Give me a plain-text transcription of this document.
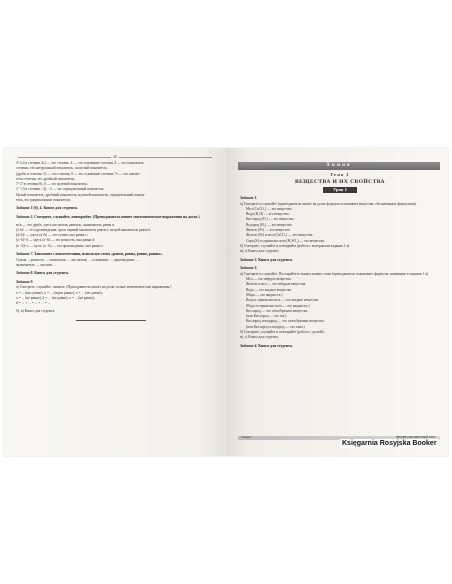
26

4² («4 в степени 4») — это степень, 4 — это основание степени, 4 — это показатель

степени, это натуральный показатель, он целый показатель.

(дробь в степени ½) — это степень, 8 — это основание степени, ½ — это показа-

тель степени, это дробный показатель;

7¹ (7 в степени 0), 0 — это нулевой показатель;

3⁻² (3 в степени −2), −2 — это отрицательный показатель.

Целый показатель, дробный показатель, нулевой показатель, отрицательный показа-

тель, это рациональные показатели.

Задание 3 (б), 4. Книга для студента.

Задание 5. Смотрите, слушайте, повторяйте. (Преподаватель пишет математические выражения на доске.)

m/n — это дробь, здесь числитель равен m, знаменатель равен n.

(a·b)ⁿ — это произведение, здесь первый множитель равен a, второй множитель равен b.

(a+b)ⁿ — здесь (a+b) — это сумма, она равна c;

(a−b)²·d — здесь (a−b) — это разность, она равна d;

(a : b)ⁿ·c — здесь (a : b) — это произведение, оно равно c.

Задание 7. Заполните словосочетания, используя слова «равен, равна, равно, равны».

Сумма ... разность ..., показатель ..., числитель ..., основание ..., произведение ...,

знаменатель ..., частное....

Задание 8. Книга для студента.

Задание 9.

а) Смотрите, слушайте, пишите. (Преподаватель пишет на доске только математические выражения.)

x = ... (икс равно), y = ... (игрек равно), z = ... (зет равно);

x = ... (не равно), k = ... (не равно), z = ... (не равно);

d = ... + ... = ... + ... = ...

б), в) Книга для студента.

Химия

Тема 1

ВЕЩЕСТВА И ИХ СВОЙСТВА

Урок 1

Задание 1.

а) Смотрите и слушайте (преподаватель пишет на доске формулы и называет вещества, обозначенные формулами).

Мел (CaCO₃) — это вещество.

Вода (H₂O) — это вещество.

Кислород (O₂) — это вещество.

Водород (H₂) — это вещество.

Железо (Fe) — это вещество.

Железо (Fe) и мел (CaCO₃) — это вещества.

Сера (S) и серная кислота (H₂SO₄) — это вещества.

б) Смотрите, слушайте и повторяйте (работа с материалом задания 1 а).

в), г) Книга для студента.

Задание 2. Книга для студента.

Задание 3.

а) Смотрите и слушайте. Постарайтесь понять новые слова (преподаватель показывает формулы, названные в задании 1 а).

Мел — это твёрдое вещество.

Железо и мел — это твёрдые вещества.

Вода — это жидкое вещество.

(Вода — это жидкость.)

Вода и серная кислота — это жидкие вещества.

(Вода и серная кислота — это жидкости.)

Кислород — это газообразное вещество.

(или Кислород — это газ.)

Кислород и водород — это газообразные вещества.

(или Кислород и водород — это газы.)

б) Смотрите, слушайте и повторяйте (работа с доской).

в), г) Книга для студента.

Задание 4. Книга для студента.

• Химия •	ВВОДНО-ПРЕДМЕТНЫЙ КУРС
Księgarnia Rosyjska Booker
